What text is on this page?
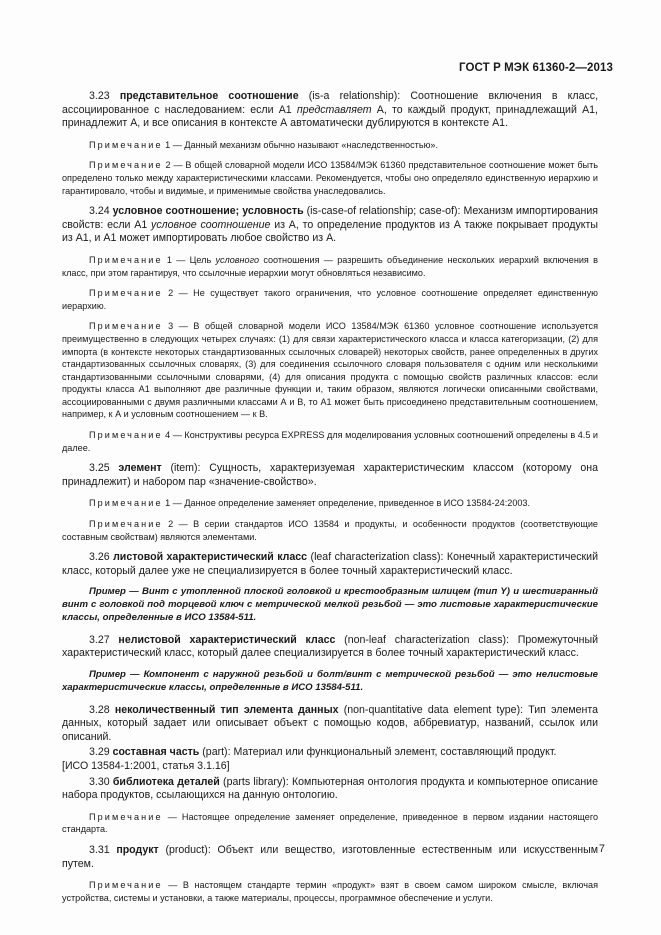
ГОСТ Р МЭК 61360-2—2013

3.23 представительное соотношение (is-a relationship): Соотношение включения в класс, ассоциированное с наследованием: если А1 представляет А, то каждый продукт, принадлежащий А1, принадлежит А, и все описания в контексте А автоматически дублируются в контексте А1.

Примечание 1 — Данный механизм обычно называют «наследственностью».

Примечание 2 — В общей словарной модели ИСО 13584/МЭК 61360 представительное соотношение может быть определено только между характеристическими классами. Рекомендуется, чтобы оно определяло единственную иерархию и гарантировало, чтобы и видимые, и применимые свойства унаследовались.

3.24 условное соотношение; условность (is-case-of relationship; case-of): Механизм импортирования свойств: если А1 условное соотношение из А, то определение продуктов из А также покрывает продукты из А1, и А1 может импортировать любое свойство из А.

Примечание 1 — Цель условного соотношения — разрешить объединение нескольких иерархий включения в класс, при этом гарантируя, что ссылочные иерархии могут обновляться независимо.

Примечание 2 — Не существует такого ограничения, что условное соотношение определяет единственную иерархию.

Примечание 3 — В общей словарной модели ИСО 13584/МЭК 61360 условное соотношение используется преимущественно в следующих четырех случаях: (1) для связи характеристического класса и класса категоризации, (2) для импорта (в контексте некоторых стандартизованных ссылочных словарей) некоторых свойств, ранее определенных в других стандартизованных ссылочных словарях, (3) для соединения ссылочного словаря пользователя с одним или несколькими стандартизованными ссылочными словарями, (4) для описания продукта с помощью свойств различных классов: если продукты класса А1 выполняют две различные функции и, таким образом, являются логически описанными свойствами, ассоциированными с двумя различными классами А и В, то А1 может быть присоединено представительным соотношением, например, к А и условным соотношением — к В.

Примечание 4 — Конструктивы ресурса EXPRESS для моделирования условных соотношений определены в 4.5 и далее.

3.25 элемент (item): Сущность, характеризуемая характеристическим классом (которому она принадлежит) и набором пар «значение-свойство».

Примечание 1 — Данное определение заменяет определение, приведенное в ИСО 13584-24:2003.

Примечание 2 — В серии стандартов ИСО 13584 и продукты, и особенности продуктов (соответствующие составным свойствам) являются элементами.

3.26 листовой характеристический класс (leaf characterization class): Конечный характеристический класс, который далее уже не специализируется в более точный характеристический класс.

Пример — Винт с утопленной плоской головкой и крестообразным шлицем (тип Y) и шестигранный винт с головкой под торцевой ключ с метрической мелкой резьбой — это листовые характеристические классы, определенные в ИСО 13584-511.

3.27 нелистовой характеристический класс (non-leaf characterization class): Промежуточный характеристический класс, который далее специализируется в более точный характеристический класс.

Пример — Компонент с наружной резьбой и болт/винт с метрической резьбой — это нелистовые характеристические классы, определенные в ИСО 13584-511.

3.28 неколичественный тип элемента данных (non-quantitative data element type): Тип элемента данных, который задает или описывает объект с помощью кодов, аббревиатур, названий, ссылок или описаний.

3.29 составная часть (part): Материал или функциональный элемент, составляющий продукт.
[ИСО 13584-1:2001, статья 3.1.16]

3.30 библиотека деталей (parts library): Компьютерная онтология продукта и компьютерное описание набора продуктов, ссылающихся на данную онтологию.

Примечание — Настоящее определение заменяет определение, приведенное в первом издании настоящего стандарта.

3.31 продукт (product): Объект или вещество, изготовленные естественным или искусственным путем.

Примечание — В настоящем стандарте термин «продукт» взят в своем самом широком смысле, включая устройства, системы и установки, а также материалы, процессы, программное обеспечение и услуги.

7
